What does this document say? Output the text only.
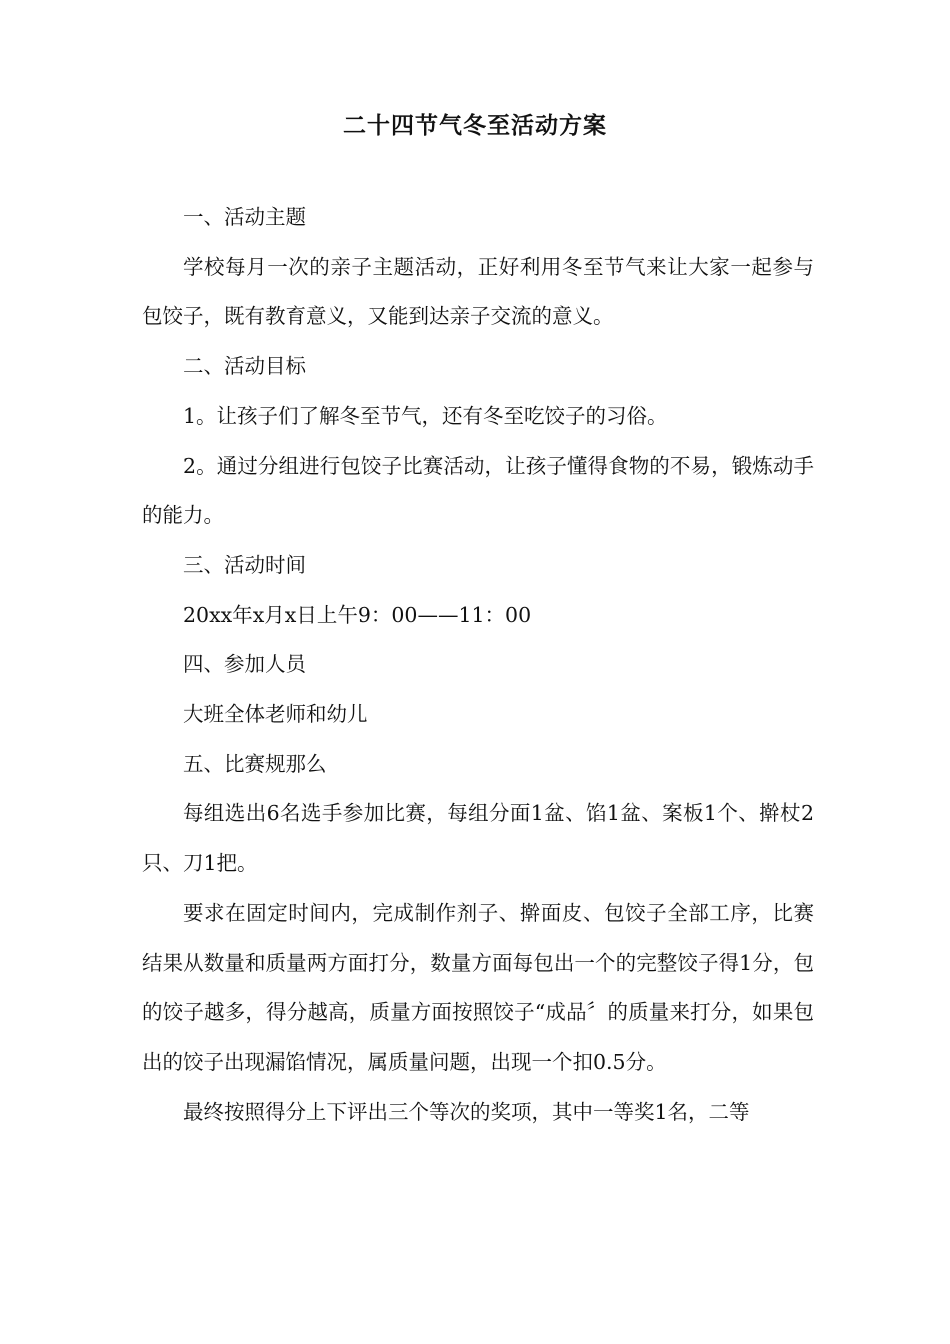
二十四节气冬至活动方案

一、活动主题

学校每月一次的亲子主题活动，正好利用冬至节气来让大家一起参与包饺子，既有教育意义，又能到达亲子交流的意义。

二、活动目标

1。让孩子们了解冬至节气，还有冬至吃饺子的习俗。

2。通过分组进行包饺子比赛活动，让孩子懂得食物的不易，锻炼动手的能力。

三、活动时间

20xx年x月x日上午9：00——11：00

四、参加人员

大班全体老师和幼儿

五、比赛规那么

每组选出6名选手参加比赛，每组分面1盆、馅1盆、案板1个、擀杖2只、刀1把。

要求在固定时间内，完成制作剂子、擀面皮、包饺子全部工序，比赛结果从数量和质量两方面打分，数量方面每包出一个的完整饺子得1分，包的饺子越多，得分越高，质量方面按照饺子“成品〞的质量来打分，如果包出的饺子出现漏馅情况，属质量问题，出现一个扣0.5分。

最终按照得分上下评出三个等次的奖项，其中一等奖1名，二等
